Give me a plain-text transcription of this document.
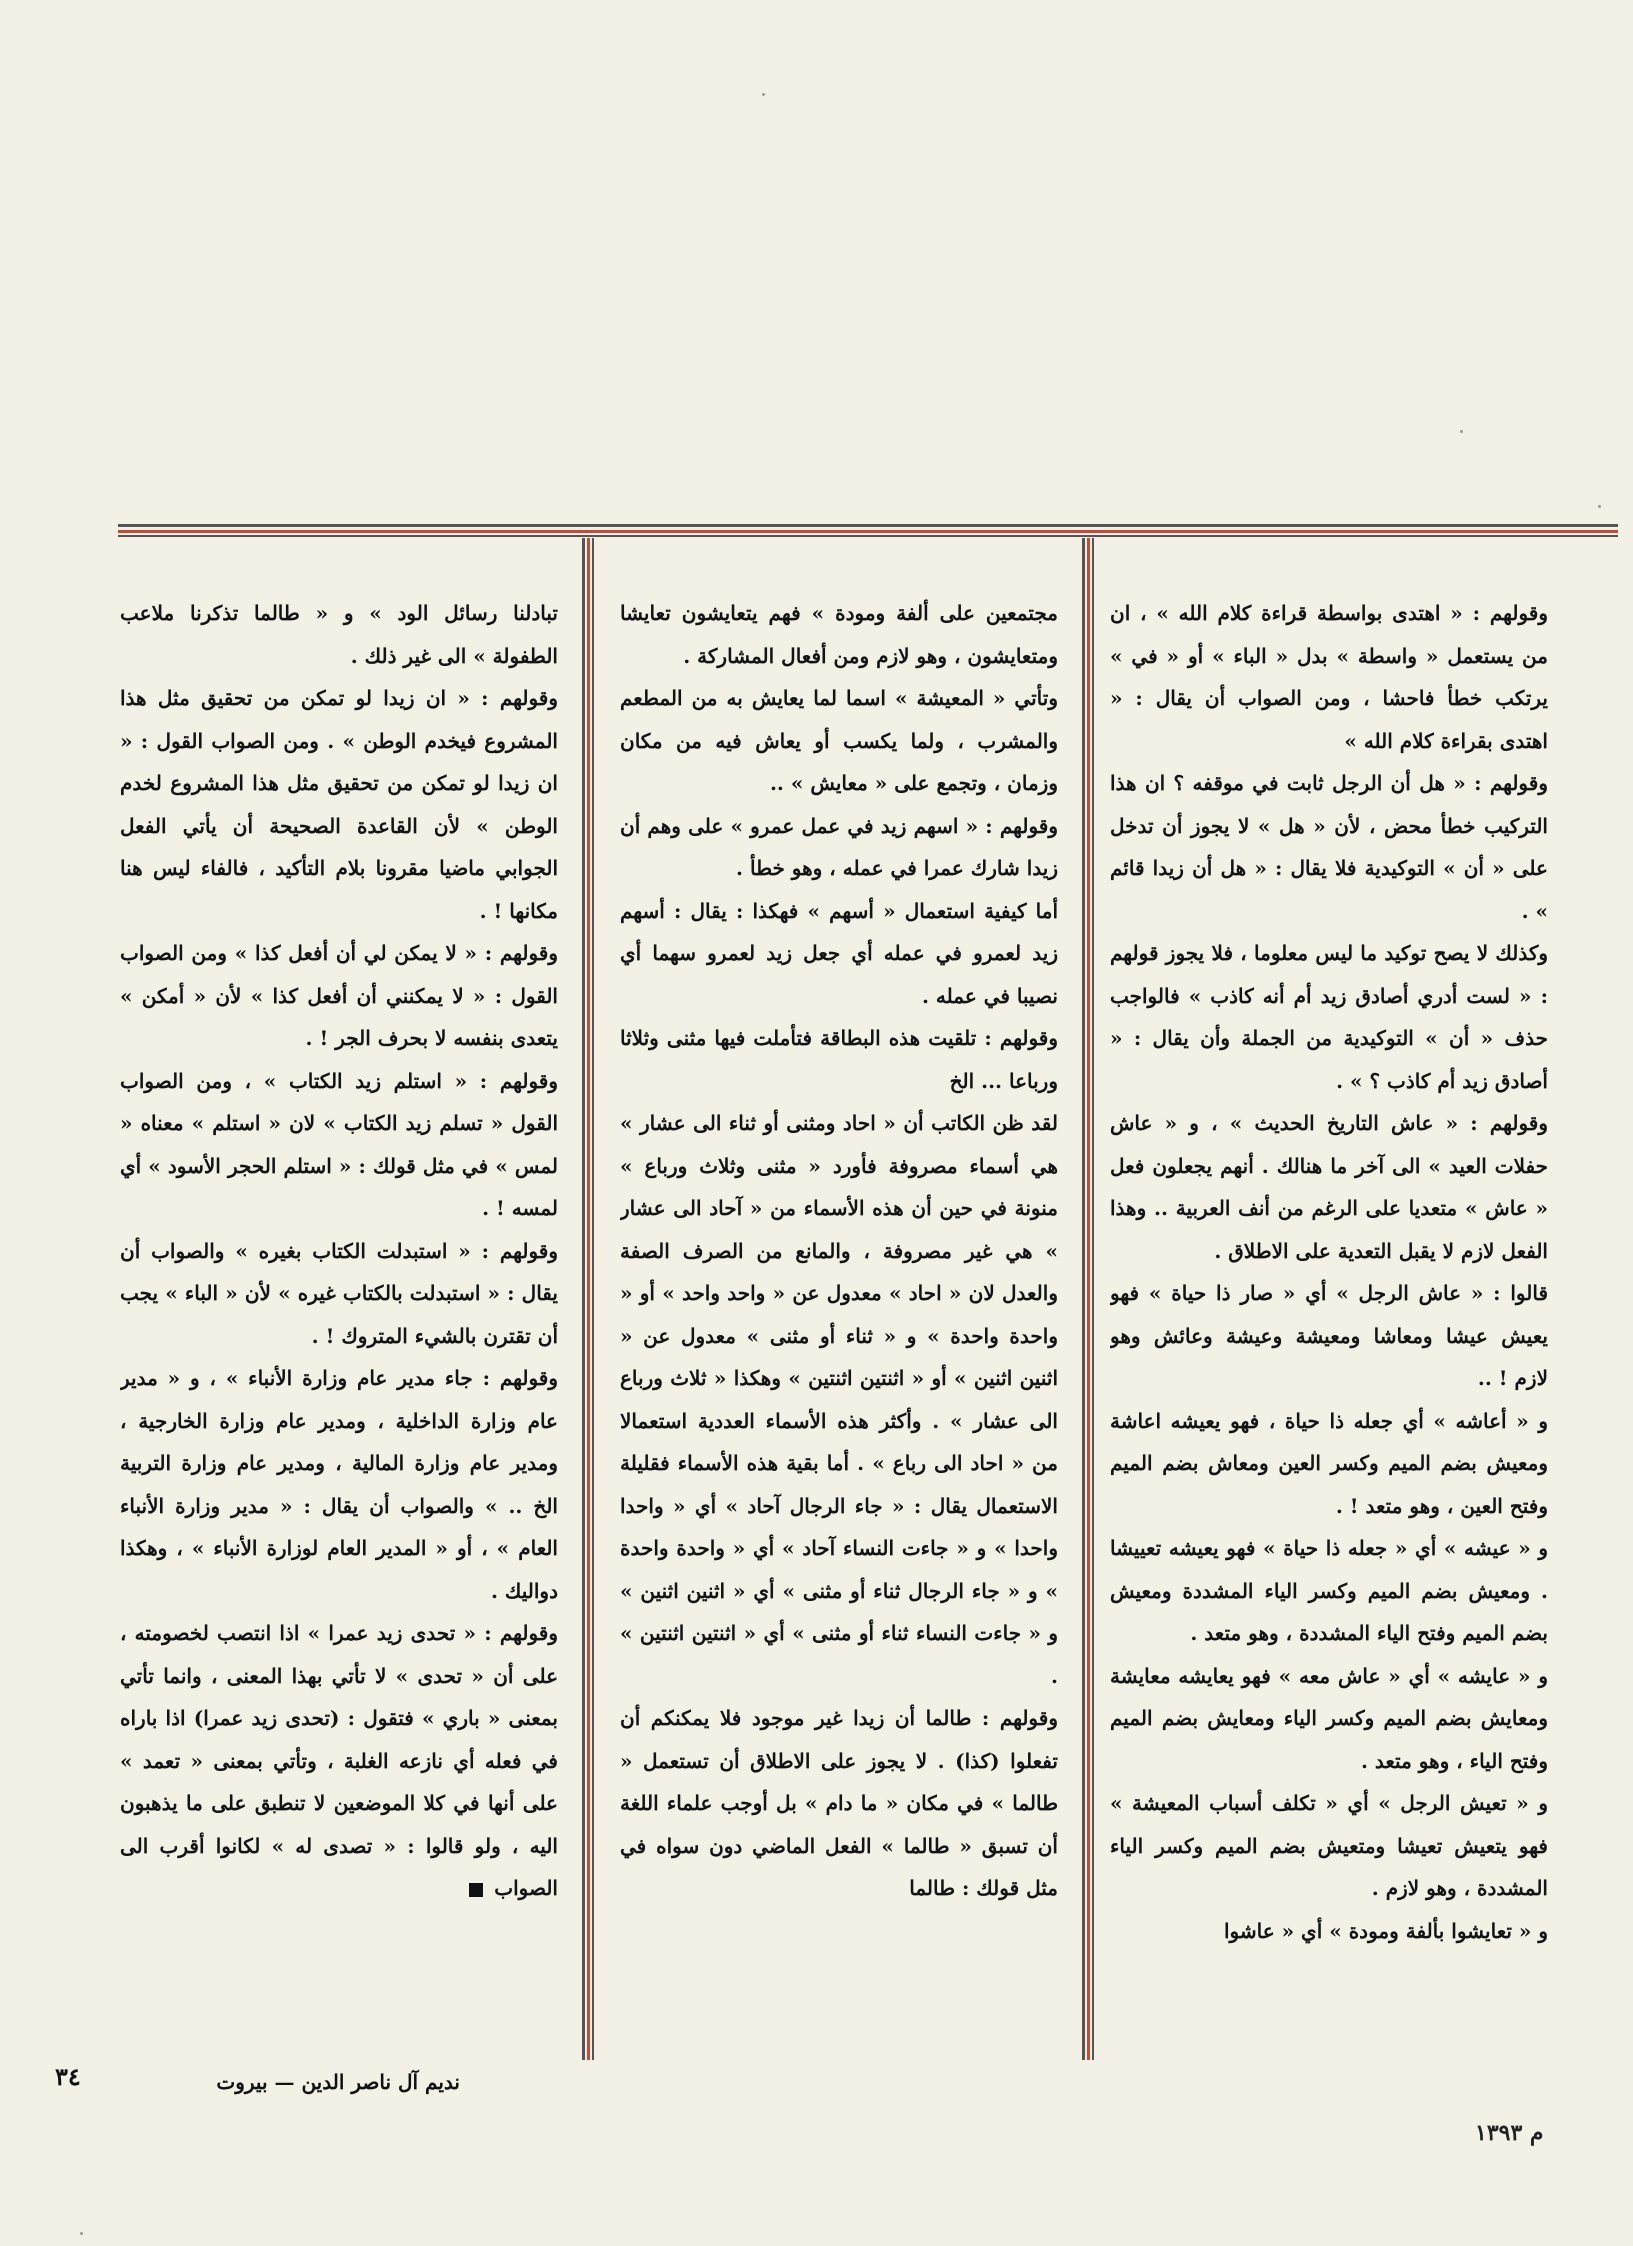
وقولهم : « اهتدى بواسطة قراءة كلام الله » ، ان من يستعمل « واسطة » بدل « الباء » أو « في » يرتكب خطأ فاحشا ، ومن الصواب أن يقال : « اهتدى بقراءة كلام الله »

وقولهم : « هل أن الرجل ثابت في موقفه ؟ ان هذا التركيب خطأ محض ، لأن « هل » لا يجوز أن تدخل على « أن » التوكيدية فلا يقال : « هل أن زيدا قائم » .

وكذلك لا يصح توكيد ما ليس معلوما ، فلا يجوز قولهم : « لست أدري أصادق زيد أم أنه كاذب » فالواجب حذف « أن » التوكيدية من الجملة وأن يقال : « أصادق زيد أم كاذب ؟ » .

وقولهم : « عاش التاريخ الحديث » ، و « عاش حفلات العيد » الى آخر ما هنالك . أنهم يجعلون فعل « عاش » متعديا على الرغم من أنف العربية .. وهذا الفعل لازم لا يقبل التعدية على الاطلاق .

قالوا : « عاش الرجل » أي « صار ذا حياة » فهو يعيش عيشا ومعاشا ومعيشة وعيشة وعائش وهو لازم ! ..

و « أعاشه » أي جعله ذا حياة ، فهو يعيشه اعاشة ومعيش بضم الميم وكسر العين ومعاش بضم الميم وفتح العين ، وهو متعد ! .

و « عيشه » أي « جعله ذا حياة » فهو يعيشه تعييشا . ومعيش بضم الميم وكسر الياء المشددة ومعيش بضم الميم وفتح الياء المشددة ، وهو متعد .

و « عايشه » أي « عاش معه » فهو يعايشه معايشة ومعايش بضم الميم وكسر الياء ومعايش بضم الميم وفتح الياء ، وهو متعد .

و « تعيش الرجل » أي « تكلف أسباب المعيشة » فهو يتعيش تعيشا ومتعيش بضم الميم وكسر الياء المشددة ، وهو لازم .

و « تعايشوا بألفة ومودة » أي « عاشوا

مجتمعين على ألفة ومودة » فهم يتعايشون تعايشا ومتعايشون ، وهو لازم ومن أفعال المشاركة .

وتأتي « المعيشة » اسما لما يعايش به من المطعم والمشرب ، ولما يكسب أو يعاش فيه من مكان وزمان ، وتجمع على « معايش » ..

وقولهم : « اسهم زيد في عمل عمرو » على وهم أن زيدا شارك عمرا في عمله ، وهو خطأ .

أما كيفية استعمال « أسهم » فهكذا : يقال : أسهم زيد لعمرو في عمله أي جعل زيد لعمرو سهما أي نصيبا في عمله .

وقولهم : تلقيت هذه البطاقة فتأملت فيها مثنى وثلاثا ورباعا ... الخ

لقد ظن الكاتب أن « احاد ومثنى أو ثناء الى عشار » هي أسماء مصروفة فأورد « مثنى وثلاث ورباع » منونة في حين أن هذه الأسماء من « آحاد الى عشار » هي غير مصروفة ، والمانع من الصرف الصفة والعدل لان « احاد » معدول عن « واحد واحد » أو « واحدة واحدة » و « ثناء أو مثنى » معدول عن « اثنين اثنين » أو « اثنتين اثنتين » وهكذا « ثلاث ورباع الى عشار » . وأكثر هذه الأسماء العددية استعمالا من « احاد الى رباع » . أما بقية هذه الأسماء فقليلة الاستعمال يقال : « جاء الرجال آحاد » أي « واحدا واحدا » و « جاءت النساء آحاد » أي « واحدة واحدة » و « جاء الرجال ثناء أو مثنى » أي « اثنين اثنين » و « جاءت النساء ثناء أو مثنى » أي « اثنتين اثنتين » .

وقولهم : طالما أن زيدا غير موجود فلا يمكنكم أن تفعلوا (كذا) . لا يجوز على الاطلاق أن تستعمل « طالما » في مكان « ما دام » بل أوجب علماء اللغة أن تسبق « طالما » الفعل الماضي دون سواه في مثل قولك : طالما

تبادلنا رسائل الود » و « طالما تذكرنا ملاعب الطفولة » الى غير ذلك .

وقولهم : « ان زيدا لو تمكن من تحقيق مثل هذا المشروع فيخدم الوطن » . ومن الصواب القول : « ان زيدا لو تمكن من تحقيق مثل هذا المشروع لخدم الوطن » لأن القاعدة الصحيحة أن يأتي الفعل الجوابي ماضيا مقرونا بلام التأكيد ، فالفاء ليس هنا مكانها ! .

وقولهم : « لا يمكن لي أن أفعل كذا » ومن الصواب القول : « لا يمكنني أن أفعل كذا » لأن « أمكن » يتعدى بنفسه لا بحرف الجر ! .

وقولهم : « استلم زيد الكتاب » ، ومن الصواب القول « تسلم زيد الكتاب » لان « استلم » معناه « لمس » في مثل قولك : « استلم الحجر الأسود » أي لمسه ! .

وقولهم : « استبدلت الكتاب بغيره » والصواب أن يقال : « استبدلت بالكتاب غيره » لأن « الباء » يجب أن تقترن بالشيء المتروك ! .

وقولهم : جاء مدير عام وزارة الأنباء » ، و « مدير عام وزارة الداخلية ، ومدير عام وزارة الخارجية ، ومدير عام وزارة المالية ، ومدير عام وزارة التربية الخ .. » والصواب أن يقال : « مدير وزارة الأنباء العام » ، أو « المدير العام لوزارة الأنباء » ، وهكذا دواليك .

وقولهم : « تحدى زيد عمرا » اذا انتصب لخصومته ، على أن « تحدى » لا تأتي بهذا المعنى ، وانما تأتي بمعنى « باري » فتقول : (تحدى زيد عمرا) اذا باراه في فعله أي نازعه الغلبة ، وتأتي بمعنى « تعمد » على أنها في كلا الموضعين لا تنطبق على ما يذهبون اليه ، ولو قالوا : « تصدى له » لكانوا أقرب الى الصواب

نديم آل ناصر الدين — بيروت
٣٤
م ١٣٩٣
